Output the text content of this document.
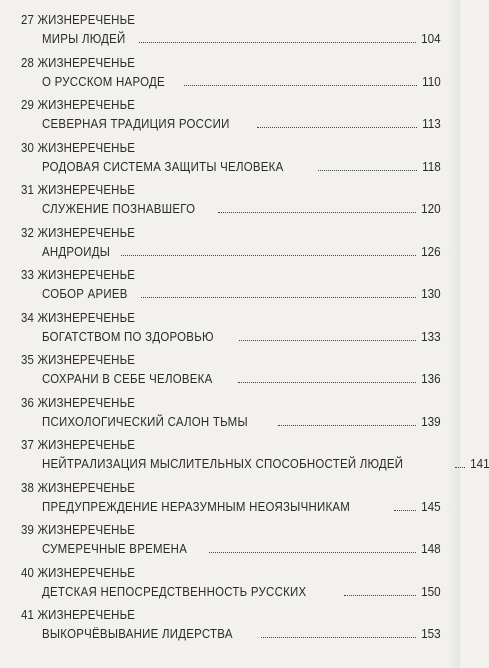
27 ЖИЗНЕРЕЧЕНЬЕ
МИРЫ ЛЮДЕЙ	104
28 ЖИЗНЕРЕЧЕНЬЕ
О РУССКОМ НАРОДЕ	110
29 ЖИЗНЕРЕЧЕНЬЕ
СЕВЕРНАЯ ТРАДИЦИЯ РОССИИ	113
30 ЖИЗНЕРЕЧЕНЬЕ
РОДОВАЯ СИСТЕМА ЗАЩИТЫ ЧЕЛОВЕКА	118
31 ЖИЗНЕРЕЧЕНЬЕ
СЛУЖЕНИЕ ПОЗНАВШЕГО	120
32 ЖИЗНЕРЕЧЕНЬЕ
АНДРОИДЫ	126
33 ЖИЗНЕРЕЧЕНЬЕ
СОБОР АРИЕВ	130
34 ЖИЗНЕРЕЧЕНЬЕ
БОГАТСТВОМ ПО ЗДОРОВЬЮ	133
35 ЖИЗНЕРЕЧЕНЬЕ
СОХРАНИ В СЕБЕ ЧЕЛОВЕКА	136
36 ЖИЗНЕРЕЧЕНЬЕ
ПСИХОЛОГИЧЕСКИЙ САЛОН ТЬМЫ	139
37 ЖИЗНЕРЕЧЕНЬЕ
НЕЙТРАЛИЗАЦИЯ МЫСЛИТЕЛЬНЫХ СПОСОБНОСТЕЙ ЛЮДЕЙ	141
38 ЖИЗНЕРЕЧЕНЬЕ
ПРЕДУПРЕЖДЕНИЕ НЕРАЗУМНЫМ НЕОЯЗЫЧНИКАМ	145
39 ЖИЗНЕРЕЧЕНЬЕ
СУМЕРЕЧНЫЕ ВРЕМЕНА	148
40 ЖИЗНЕРЕЧЕНЬЕ
ДЕТСКАЯ НЕПОСРЕДСТВЕННОСТЬ РУССКИХ	150
41 ЖИЗНЕРЕЧЕНЬЕ
ВЫКОРЧЁВЫВАНИЕ ЛИДЕРСТВА	153
